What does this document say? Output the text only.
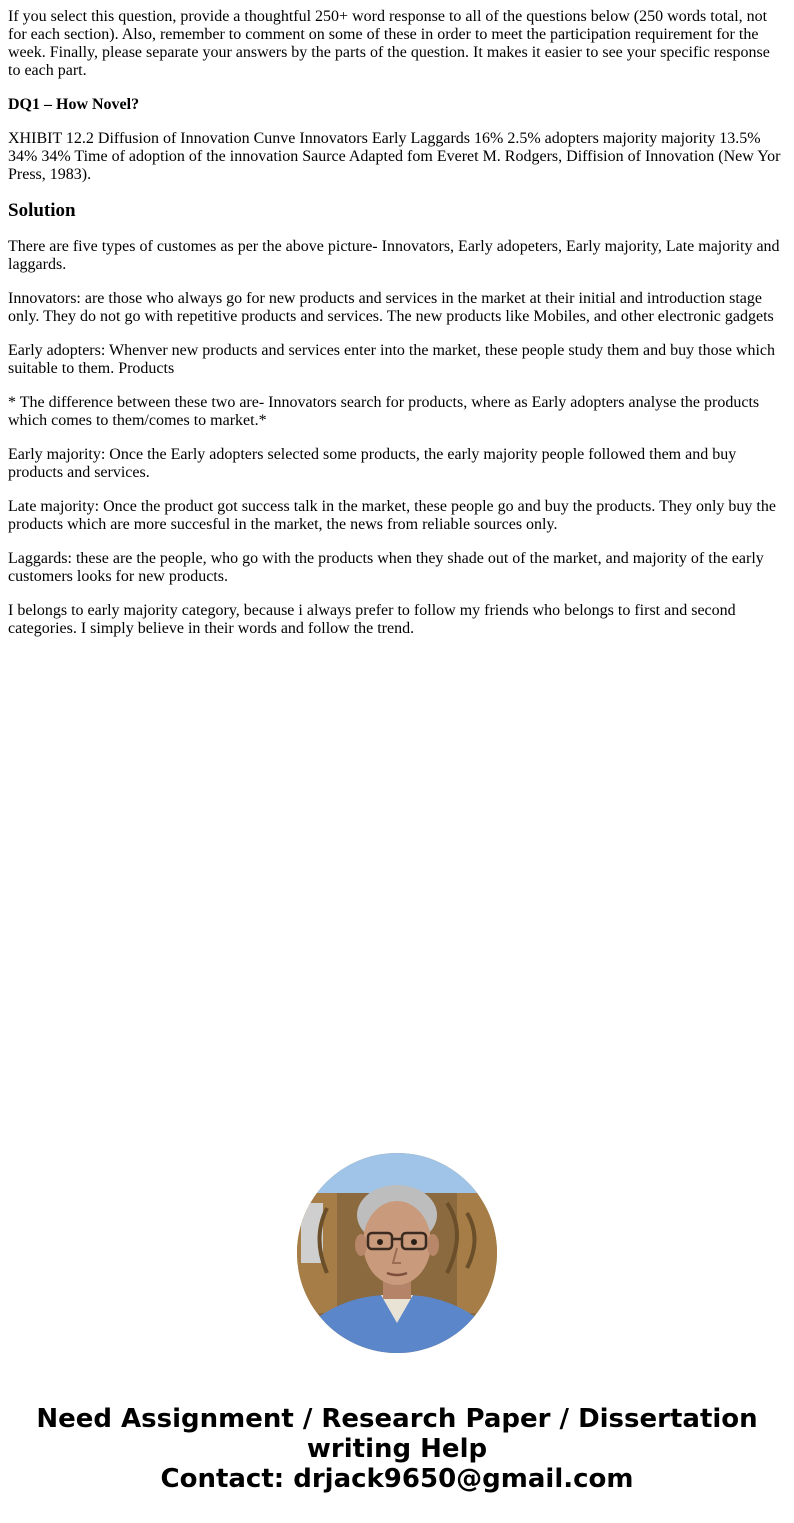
If you select this question, provide a thoughtful 250+ word response to all of the questions below (250 words total, not for each section). Also, remember to comment on some of these in order to meet the participation requirement for the week. Finally, please separate your answers by the parts of the question. It makes it easier to see your specific response to each part.

DQ1 – How Novel?

XHIBIT 12.2 Diffusion of Innovation Cunve Innovators Early Laggards 16% 2.5% adopters majority majority 13.5% 34% 34% Time of adoption of the innovation Saurce Adapted fom Everet M. Rodgers, Diffision of Innovation (New Yor Press, 1983).

Solution

There are five types of customes as per the above picture- Innovators, Early adopeters, Early majority, Late majority and laggards.

Innovators: are those who always go for new products and services in the market at their initial and introduction stage only. They do not go with repetitive products and services. The new products like Mobiles, and other electronic gadgets

Early adopters: Whenver new products and services enter into the market, these people study them and buy those which suitable to them. Products

* The difference between these two are- Innovators search for products, where as Early adopters analyse the products which comes to them/comes to market.*

Early majority: Once the Early adopters selected some products, the early majority people followed them and buy products and services.

Late majority: Once the product got success talk in the market, these people go and buy the products. They only buy the products which are more succesful in the market, the news from reliable sources only.

Laggards: these are the people, who go with the products when they shade out of the market, and majority of the early customers looks for new products.

I belongs to early majority category, because i always prefer to follow my friends who belongs to first and second categories. I simply believe in their words and follow the trend.

Need Assignment / Research Paper / Dissertation
writing Help
Contact: drjack9650@gmail.com
